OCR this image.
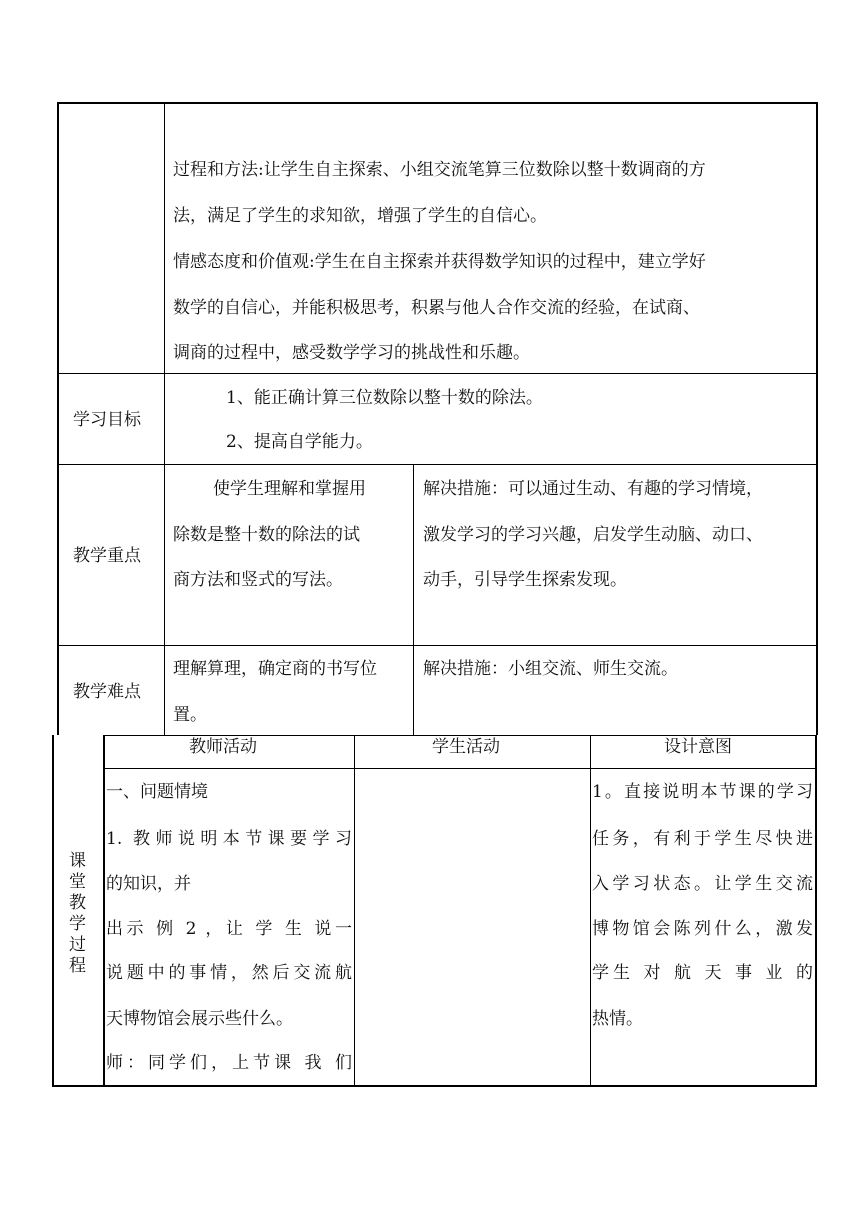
过程和方法:让学生自主探索、小组交流笔算三位数除以整十数调商的方
法，满足了学生的求知欲，增强了学生的自信心。
情感态度和价值观:学生在自主探索并获得数学知识的过程中，建立学好
数学的自信心，并能积极思考，积累与他人合作交流的经验，在试商、
调商的过程中，感受数学学习的挑战性和乐趣。
学习目标
1、能正确计算三位数除以整十数的除法。
2、提高自学能力。
教学重点
使学生理解和掌握用
除数是整十数的除法的试
商方法和竖式的写法。
解决措施：可以通过生动、有趣的学习情境，
激发学习的学习兴趣，启发学生动脑、动口、
动手，引导学生探索发现。
教学难点
理解算理，确定商的书写位
置。
解决措施：小组交流、师生交流。
课
堂
教
学
过
程
教师活动	学生活动	设计意图
一、问题情境
1. 教师说明本节课要学习
的知识，并
出示 例 2 ，让 学 生 说一
说题中的事情，然后交流航
天博物馆会展示些什么。
师：同学们，上节课 我 们
1。直接说明本节课的学习
任务，有利于学生尽快进
入学习状态。让学生交流
博物馆会陈列什么，激发
学生 对 航 天 事 业 的
热情。
